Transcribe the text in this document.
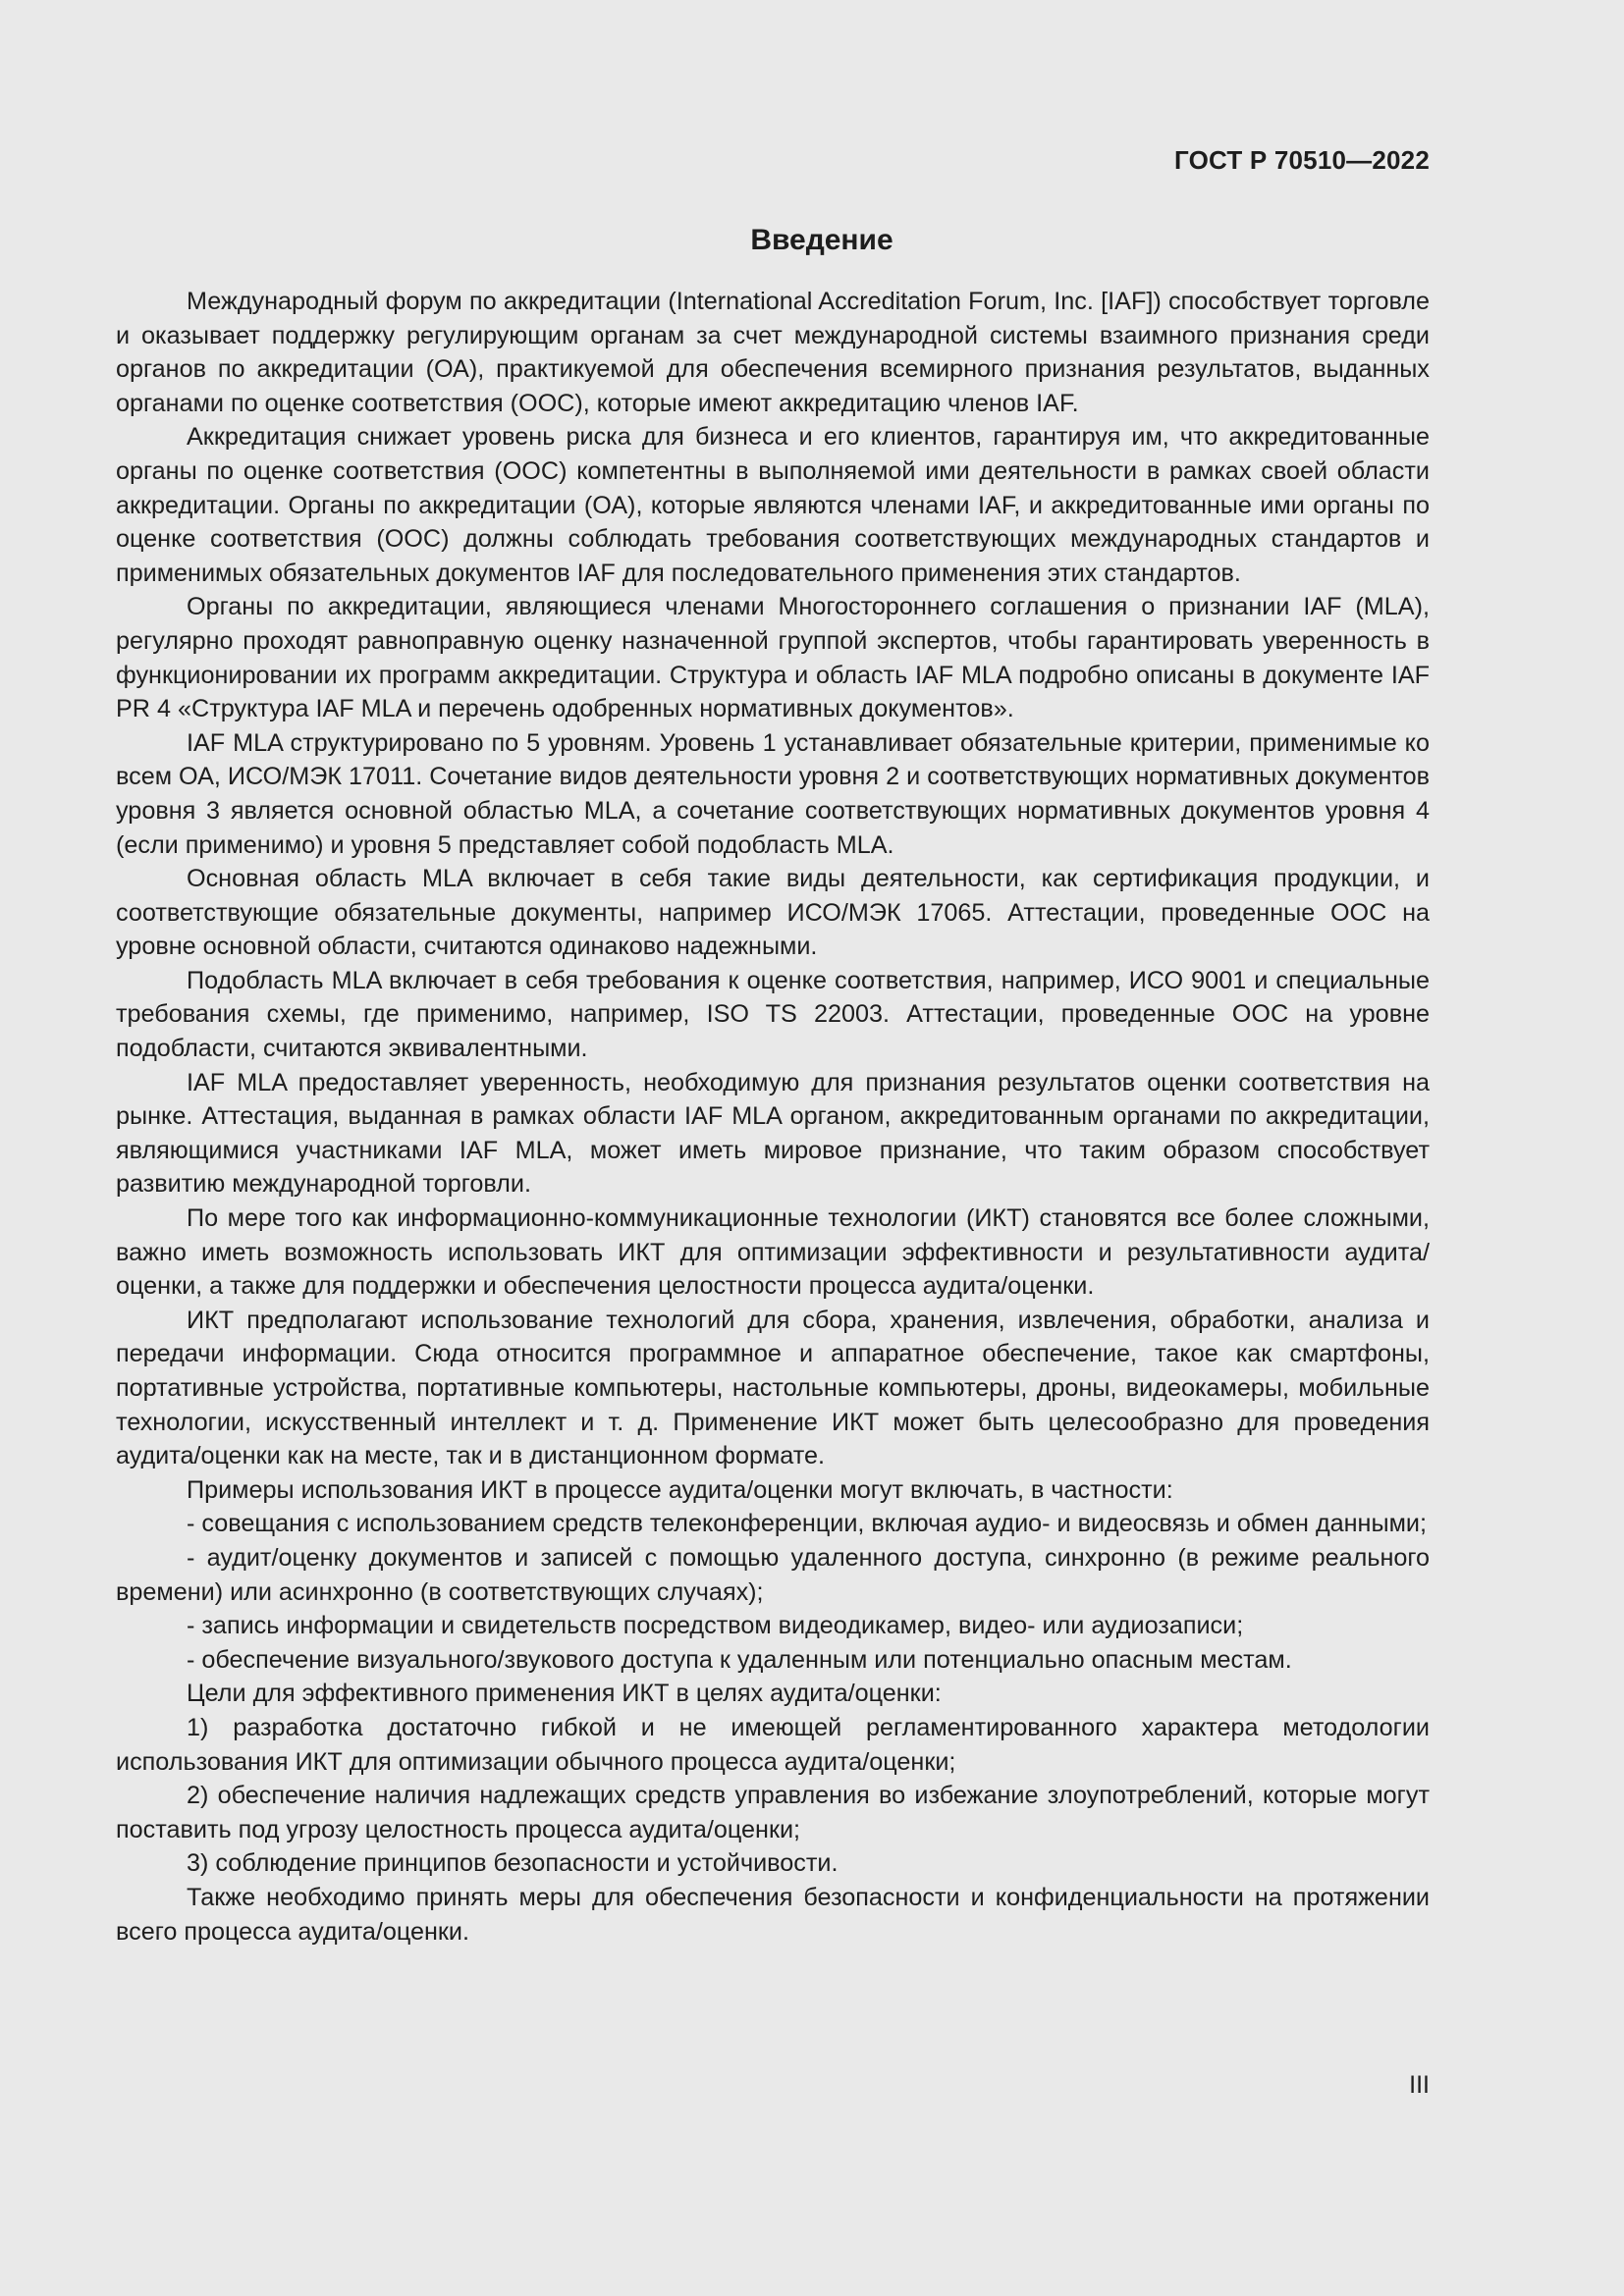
ГОСТ Р 70510—2022
Введение

Международный форум по аккредитации (International Accreditation Forum, Inc. [IAF]) способствует торговле и оказывает поддержку регулирующим органам за счет международной системы взаимного признания среди органов по аккредитации (ОА), практикуемой для обеспечения всемирного признания результатов, выданных органами по оценке соответствия (ООС), которые имеют аккредитацию членов IAF.

Аккредитация снижает уровень риска для бизнеса и его клиентов, гарантируя им, что аккредитованные органы по оценке соответствия (ООС) компетентны в выполняемой ими деятельности в рамках своей области аккредитации. Органы по аккредитации (ОА), которые являются членами IAF, и аккредитованные ими органы по оценке соответствия (ООС) должны соблюдать требования соответствующих международных стандартов и применимых обязательных документов IAF для последовательного применения этих стандартов.

Органы по аккредитации, являющиеся членами Многостороннего соглашения о признании IAF (MLA), регулярно проходят равноправную оценку назначенной группой экспертов, чтобы гарантировать уверенность в функционировании их программ аккредитации. Структура и область IAF MLA подробно описаны в документе IAF PR 4 «Структура IAF MLA и перечень одобренных нормативных документов».

IAF MLA структурировано по 5 уровням. Уровень 1 устанавливает обязательные критерии, применимые ко всем ОА, ИСО/МЭК 17011. Сочетание видов деятельности уровня 2 и соответствующих нормативных документов уровня 3 является основной областью MLA, а сочетание соответствующих нормативных документов уровня 4 (если применимо) и уровня 5 представляет собой подобласть MLA.

Основная область MLA включает в себя такие виды деятельности, как сертификация продукции, и соответствующие обязательные документы, например ИСО/МЭК 17065. Аттестации, проведенные ООС на уровне основной области, считаются одинаково надежными.

Подобласть MLA включает в себя требования к оценке соответствия, например, ИСО 9001 и специальные требования схемы, где применимо, например, ISO TS 22003. Аттестации, проведенные ООС на уровне подобласти, считаются эквивалентными.

IAF MLA предоставляет уверенность, необходимую для признания результатов оценки соответствия на рынке. Аттестация, выданная в рамках области IAF MLA органом, аккредитованным органами по аккредитации, являющимися участниками IAF MLA, может иметь мировое признание, что таким образом способствует развитию международной торговли.

По мере того как информационно-коммуникационные технологии (ИКТ) становятся все более сложными, важно иметь возможность использовать ИКТ для оптимизации эффективности и результативности аудита/оценки, а также для поддержки и обеспечения целостности процесса аудита/оценки.

ИКТ предполагают использование технологий для сбора, хранения, извлечения, обработки, анализа и передачи информации. Сюда относится программное и аппаратное обеспечение, такое как смартфоны, портативные устройства, портативные компьютеры, настольные компьютеры, дроны, видеокамеры, мобильные технологии, искусственный интеллект и т. д. Применение ИКТ может быть целесообразно для проведения аудита/оценки как на месте, так и в дистанционном формате.

Примеры использования ИКТ в процессе аудита/оценки могут включать, в частности:

- совещания с использованием средств телеконференции, включая аудио- и видеосвязь и обмен данными;

- аудит/оценку документов и записей с помощью удаленного доступа, синхронно (в режиме реального времени) или асинхронно (в соответствующих случаях);

- запись информации и свидетельств посредством видеодикамер, видео- или аудиозаписи;

- обеспечение визуального/звукового доступа к удаленным или потенциально опасным местам.

Цели для эффективного применения ИКТ в целях аудита/оценки:

1) разработка достаточно гибкой и не имеющей регламентированного характера методологии использования ИКТ для оптимизации обычного процесса аудита/оценки;

2) обеспечение наличия надлежащих средств управления во избежание злоупотреблений, которые могут поставить под угрозу целостность процесса аудита/оценки;

3) соблюдение принципов безопасности и устойчивости.

Также необходимо принять меры для обеспечения безопасности и конфиденциальности на протяжении всего процесса аудита/оценки.

III
